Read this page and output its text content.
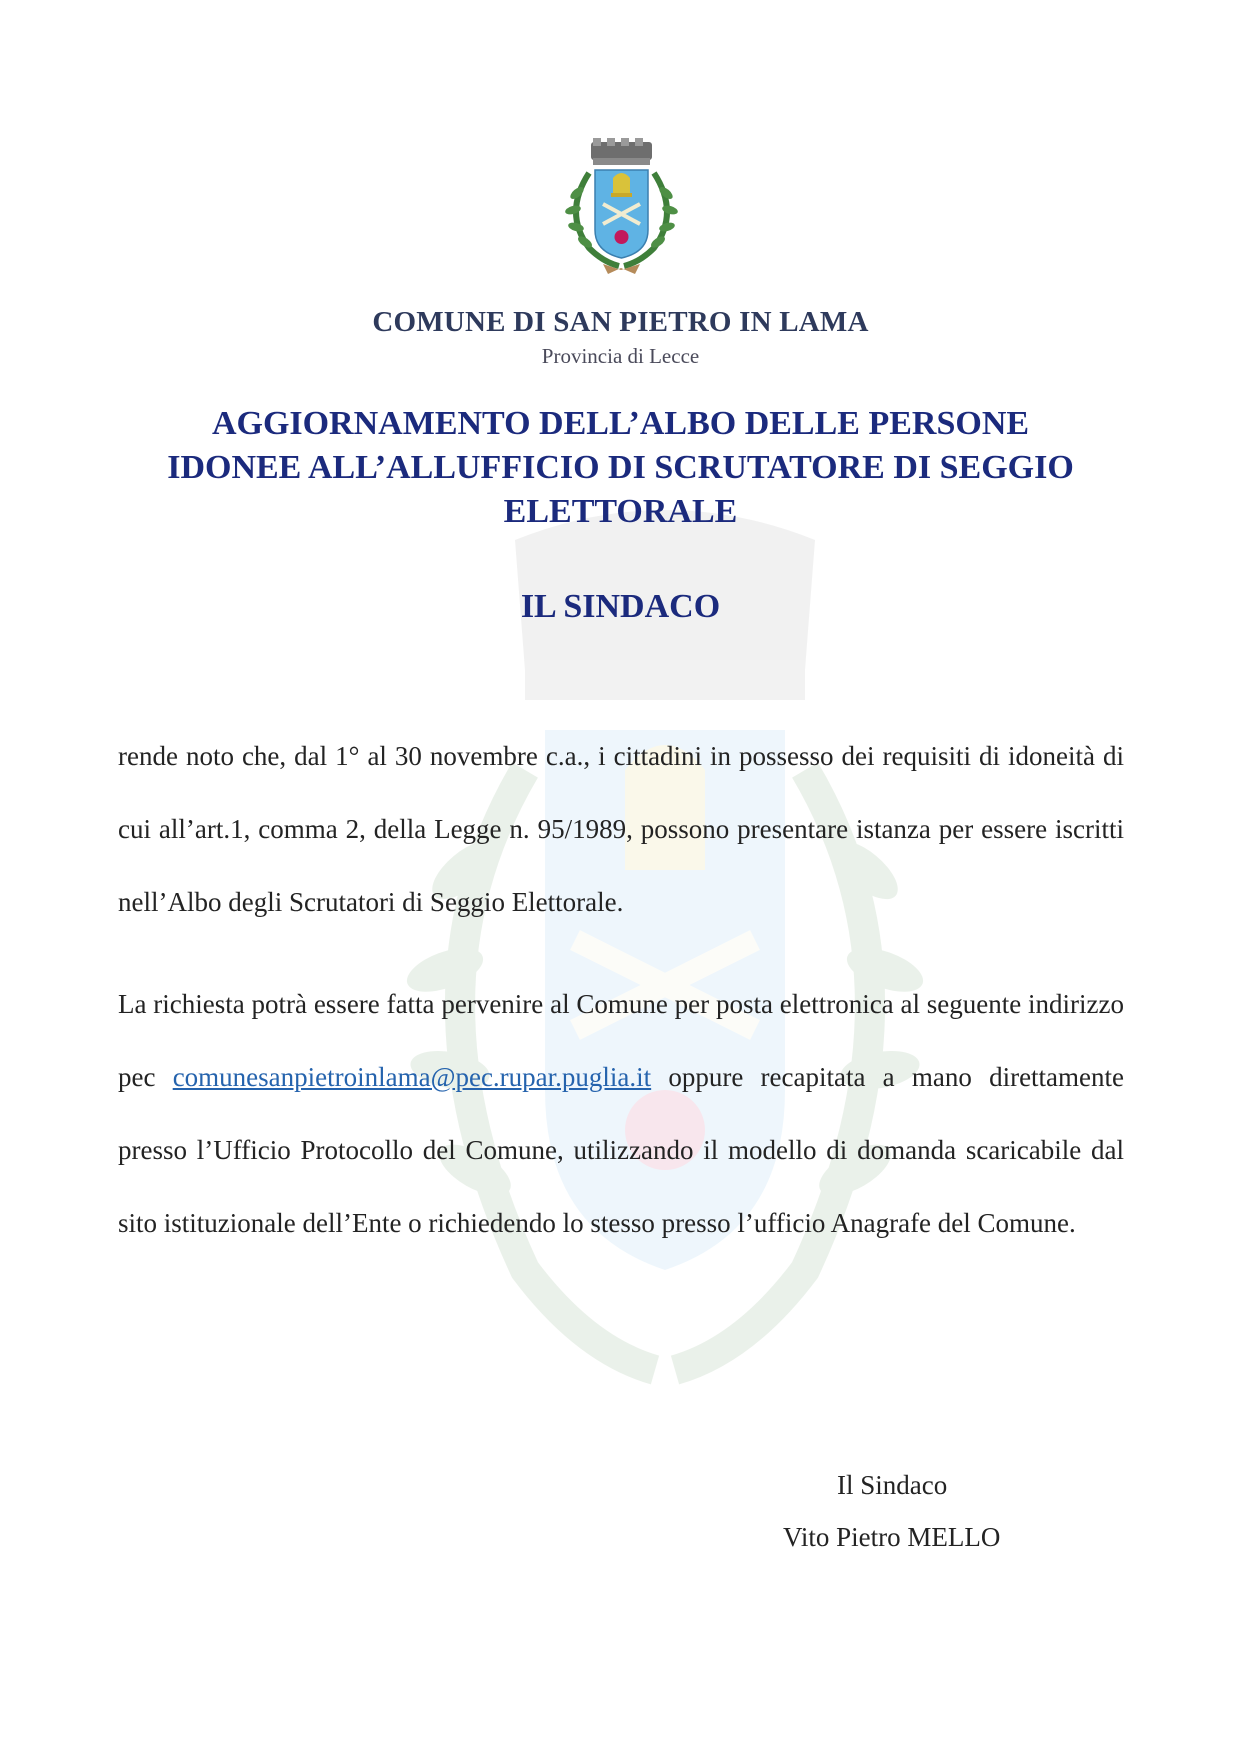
COMUNE DI SAN PIETRO IN LAMA
Provincia di Lecce
AGGIORNAMENTO DELL’ALBO DELLE PERSONE
IDONEE ALL’ALLUFFICIO DI SCRUTATORE DI SEGGIO
ELETTORALE
IL SINDACO
rende noto che, dal 1° al 30 novembre c.a., i cittadini in possesso dei requisiti di idoneità di cui all’art.1, comma 2, della Legge n. 95/1989, possono presentare istanza per essere iscritti nell’Albo degli Scrutatori di Seggio Elettorale.
La richiesta potrà essere fatta pervenire al Comune per posta elettronica al seguente indirizzo pec comunesanpietroinlama@pec.rupar.puglia.it oppure recapitata a mano direttamente presso l’Ufficio Protocollo del Comune, utilizzando il modello di domanda scaricabile dal sito istituzionale dell’Ente o richiedendo lo stesso presso l’ufficio Anagrafe del Comune.
Il Sindaco
Vito Pietro MELLO
